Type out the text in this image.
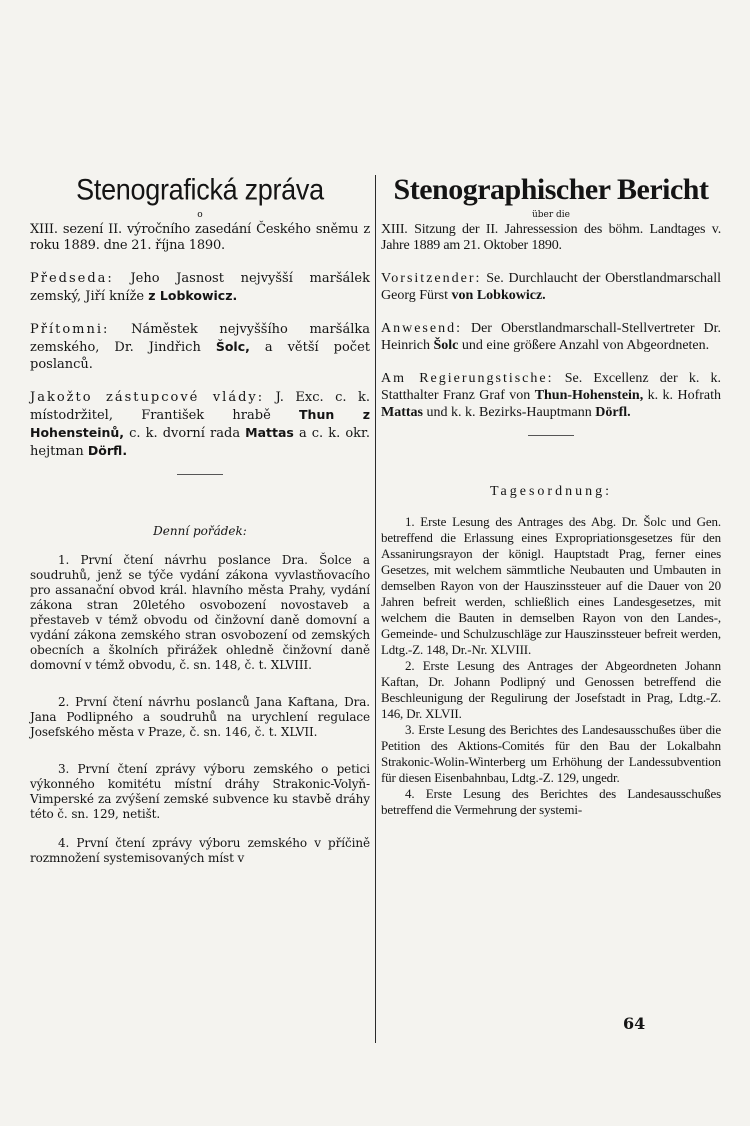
Stenografická zpráva
o

XIII. sezení II. výročního zasedání Českého sněmu z roku 1889. dne 21. října 1890.

Předseda: Jeho Jasnost nejvyšší maršálek zemský, Jiří kníže z Lobkowicz.

Přítomni: Náměstek nejvyššího maršálka zemského, Dr. Jindřich Šolc, a větší počet poslanců.

Jakožto zástupcové vlády: J. Exc. c. k. místodržitel, František hrabě Thun z Hohensteinů, c. k. dvorní rada Mattas a c. k. okr. hejtman Dörfl.

Denní pořádek:

1. První čtení návrhu poslance Dra. Šolce a soudruhů, jenž se týče vydání zákona vyvlastňovacího pro assanační obvod král. hlavního města Prahy, vydání zákona stran 20letého osvobození novostaveb a přestaveb v témž obvodu od činžovní daně domovní a vydání zákona zemského stran osvobození od zemských obecních a školních přirážek ohledně činžovní daně domovní v témž obvodu, č. sn. 148, č. t. XLVIII.

2. První čtení návrhu poslanců Jana Kaftana, Dra. Jana Podlipného a soudruhů na urychlení regulace Josefského města v Praze, č. sn. 146, č. t. XLVII.

3. První čtení zprávy výboru zemského o petici výkonného komitétu místní dráhy Strakonic-Volyň-Vimperské za zvýšení zemské subvence ku stavbě dráhy této č. sn. 129, netišt.

4. První čtení zprávy výboru zemského v příčině rozmnožení systemisovaných míst v

Stenographischer Bericht
über die

XIII. Sitzung der II. Jahressession des böhm. Landtages v. Jahre 1889 am 21. Oktober 1890.

Vorsitzender: Se. Durchlaucht der Oberstlandmarschall Georg Fürst von Lobkowicz.

Anwesend: Der Oberstlandmarschall-Stellvertreter Dr. Heinrich Šolc und eine größere Anzahl von Abgeordneten.

Am Regierungstische: Se. Excellenz der k. k. Statthalter Franz Graf von Thun-Hohenstein, k. k. Hofrath Mattas und k. k. Bezirks-Hauptmann Dörfl.

Tagesordnung:

1. Erste Lesung des Antrages des Abg. Dr. Šolc und Gen. betreffend die Erlassung eines Expropriationsgesetzes für den Assanirungsrayon der königl. Hauptstadt Prag, ferner eines Gesetzes, mit welchem sämmtliche Neubauten und Umbauten in demselben Rayon von der Hauszinssteuer auf die Dauer von 20 Jahren befreit werden, schließlich eines Landesgesetzes, mit welchem die Bauten in demselben Rayon von den Landes-, Gemeinde- und Schulzuschläge zur Hauszinssteuer befreit werden, Ldtg.-Z. 148, Dr.-Nr. XLVIII.

2. Erste Lesung des Antrages der Abgeordneten Johann Kaftan, Dr. Johann Podlipný und Genossen betreffend die Beschleunigung der Regulirung der Josefstadt in Prag, Ldtg.-Z. 146, Dr. XLVII.

3. Erste Lesung des Berichtes des Landesausschußes über die Petition des Aktions-Comités für den Bau der Lokalbahn Strakonic-Wolin-Winterberg um Erhöhung der Landessubvention für diesen Eisenbahnbau, Ldtg.-Z. 129, ungedr.

4. Erste Lesung des Berichtes des Landesausschußes betreffend die Vermehrung der systemi-

64
